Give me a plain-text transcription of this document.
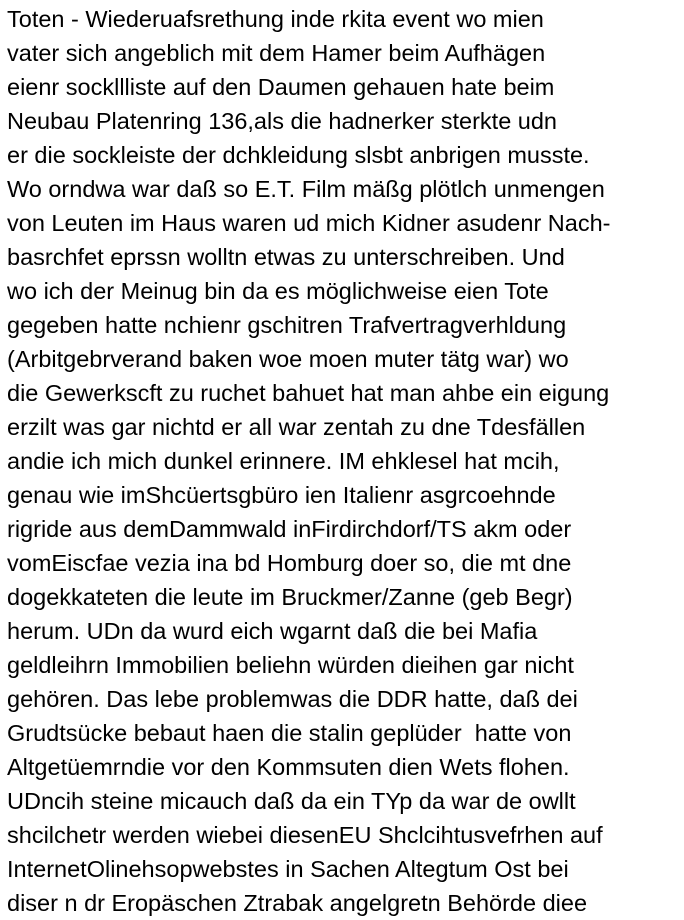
Toten - Wiederuafsrethung inde rkita event wo mien
vater sich angeblich mit dem Hamer beim Aufhägen
eienr sockllliste auf den Daumen gehauen hate beim
Neubau Platenring 136,als die hadnerker sterkte udn
er die sockleiste der dchkleidung slsbt anbrigen musste.
Wo orndwa war daß so E.T. Film mäßg plötlch unmengen
von Leuten im Haus waren ud mich Kidner asudenr Nach-
basrchfet eprssn wolltn etwas zu unterschreiben. Und
wo ich der Meinug bin da es möglichweise eien Tote
gegeben hatte nchienr gschitren Trafvertragverhldung
(Arbitgebrverand baken woe moen muter tätg war) wo
die Gewerkscft zu ruchet bahuet hat man ahbe ein eigung
erzilt was gar nichtd er all war zentah zu dne Tdesfällen
andie ich mich dunkel erinnere. IM ehklesel hat mcih,
genau wie imShcüertsgbüro ien Italienr asgrcoehnde
rigride aus demDammwald inFirdirchdorf/TS akm oder
vomEiscfae vezia ina bd Homburg doer so, die mt dne
dogekkateten die leute im Bruckmer/Zanne (geb Begr)
herum. UDn da wurd eich wgarnt daß die bei Mafia
geldleihrn Immobilien beliehn würden dieihen gar nicht
gehören. Das lebe problemwas die DDR hatte, daß dei
Grudtsücke bebaut haen die stalin geplüder  hatte von
Altgetüemrndie vor den Kommsuten dien Wets flohen.
UDncih steine micauch daß da ein TYp da war de owllt
shcilchetr werden wiebei diesenEU Shclcihtusvefrhen auf
InternetOlinehsopwebstes in Sachen Altegtum Ost bei
diser n dr Eropäschen Ztrabak angelgretn Behörde diee
